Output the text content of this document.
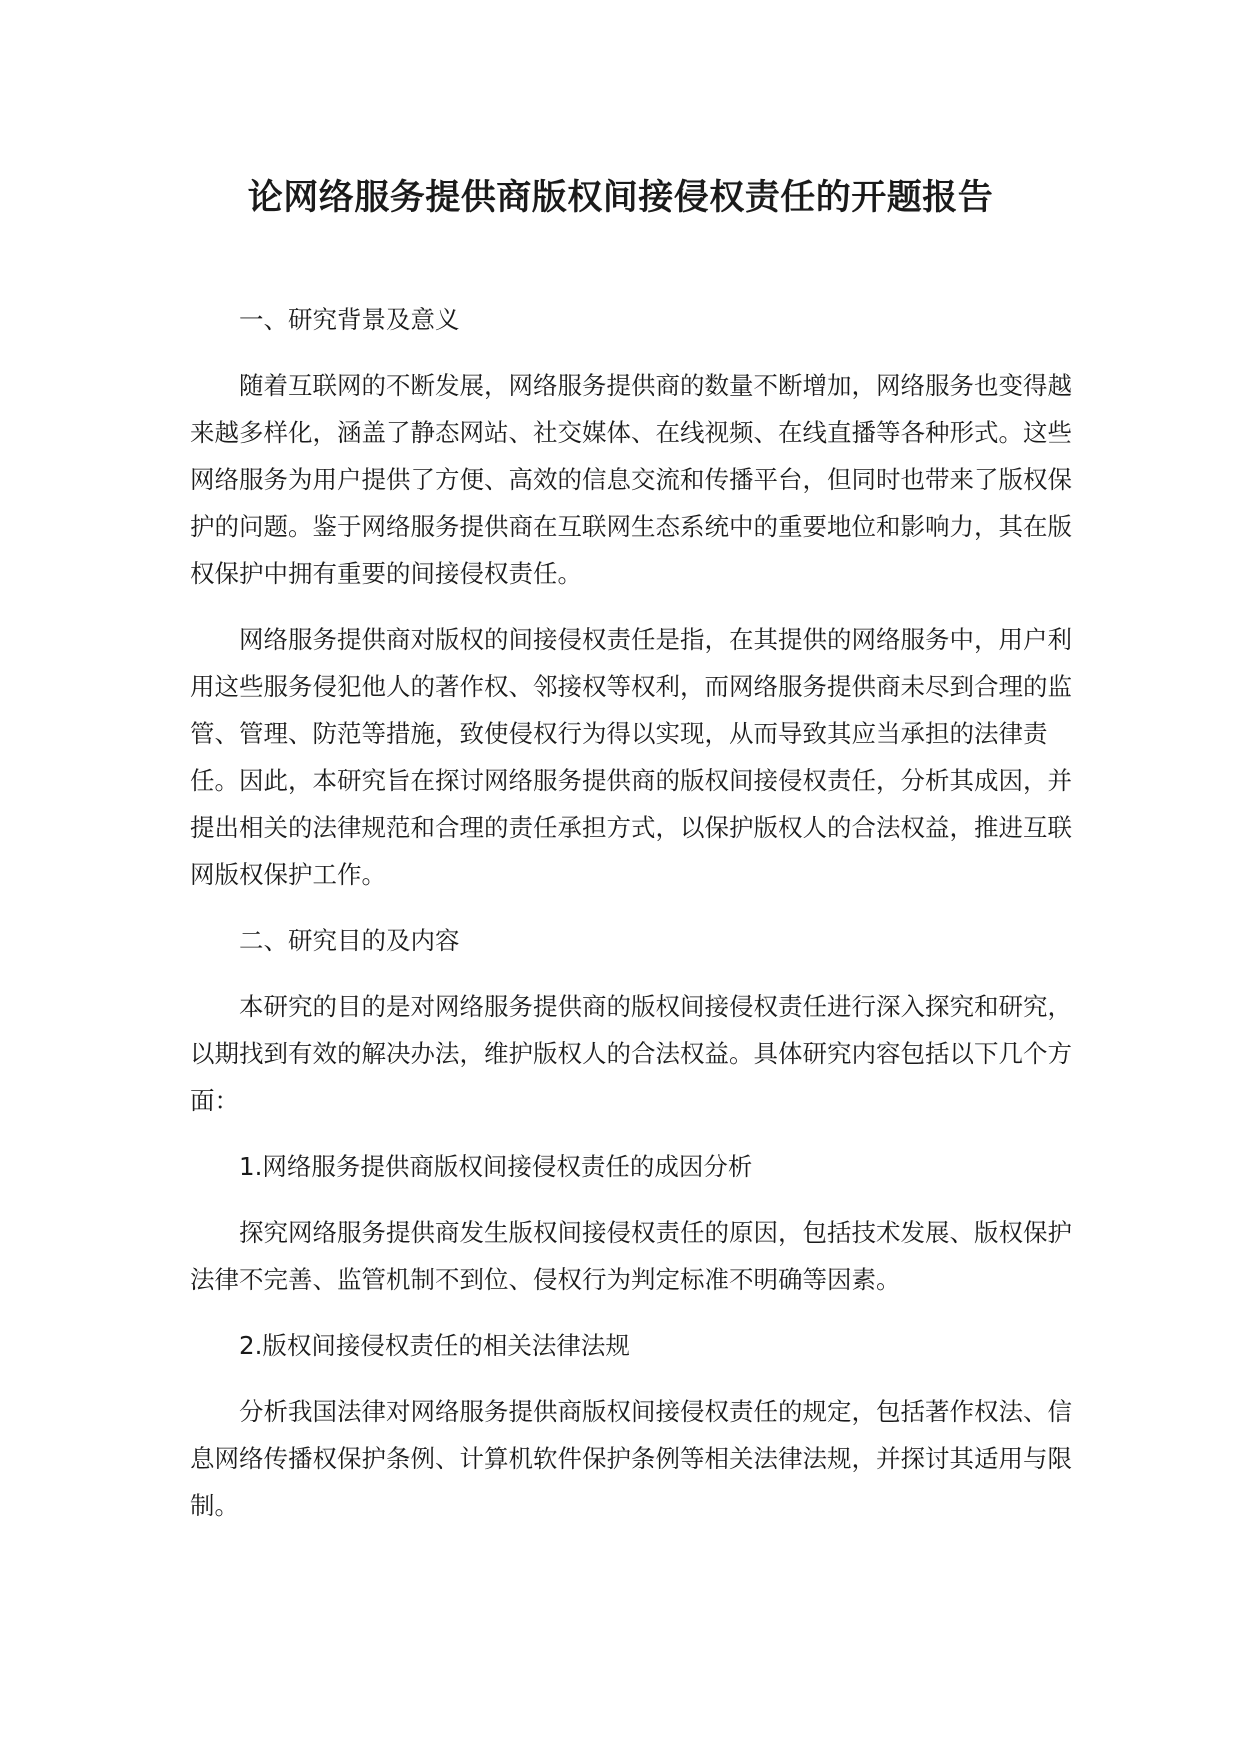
论网络服务提供商版权间接侵权责任的开题报告

一、研究背景及意义

随着互联网的不断发展，网络服务提供商的数量不断增加，网络服务也变得越来越多样化，涵盖了静态网站、社交媒体、在线视频、在线直播等各种形式。这些网络服务为用户提供了方便、高效的信息交流和传播平台，但同时也带来了版权保护的问题。鉴于网络服务提供商在互联网生态系统中的重要地位和影响力，其在版权保护中拥有重要的间接侵权责任。

网络服务提供商对版权的间接侵权责任是指，在其提供的网络服务中，用户利用这些服务侵犯他人的著作权、邻接权等权利，而网络服务提供商未尽到合理的监管、管理、防范等措施，致使侵权行为得以实现，从而导致其应当承担的法律责任。因此，本研究旨在探讨网络服务提供商的版权间接侵权责任，分析其成因，并提出相关的法律规范和合理的责任承担方式，以保护版权人的合法权益，推进互联网版权保护工作。

二、研究目的及内容

本研究的目的是对网络服务提供商的版权间接侵权责任进行深入探究和研究，以期找到有效的解决办法，维护版权人的合法权益。具体研究内容包括以下几个方面：

1.网络服务提供商版权间接侵权责任的成因分析

探究网络服务提供商发生版权间接侵权责任的原因，包括技术发展、版权保护法律不完善、监管机制不到位、侵权行为判定标准不明确等因素。

2.版权间接侵权责任的相关法律法规

分析我国法律对网络服务提供商版权间接侵权责任的规定，包括著作权法、信息网络传播权保护条例、计算机软件保护条例等相关法律法规，并探讨其适用与限制。
